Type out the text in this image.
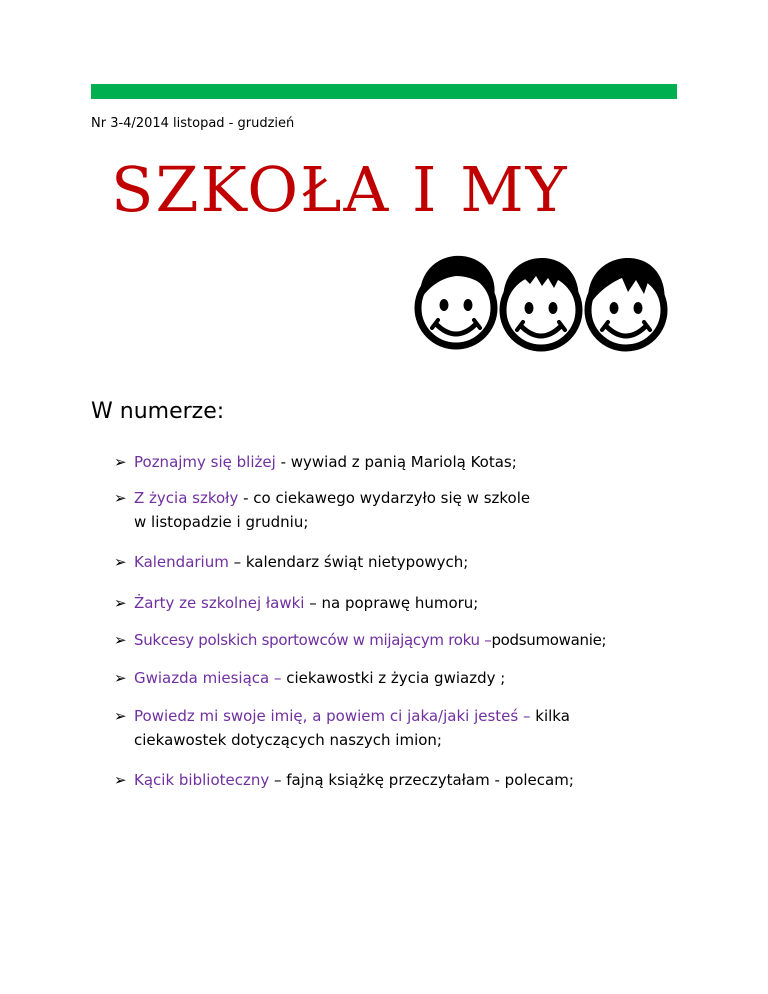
Nr 3-4/2014 listopad - grudzień
SZKOŁA I MY
W numerze:
➢ Poznajmy się bliżej - wywiad z panią Mariolą Kotas;
➢ Z życia szkoły - co ciekawego wydarzyło się w szkole
w listopadzie i grudniu;
➢ Kalendarium – kalendarz świąt nietypowych;
➢ Żarty ze szkolnej ławki – na poprawę humoru;
➢ Sukcesy polskich sportowców w mijającym roku –podsumowanie;
➢ Gwiazda miesiąca – ciekawostki z życia gwiazdy ;
➢ Powiedz mi swoje imię, a powiem ci jaka/jaki jesteś – kilka
ciekawostek dotyczących naszych imion;
➢ Kącik biblioteczny – fajną książkę przeczytałam - polecam;
